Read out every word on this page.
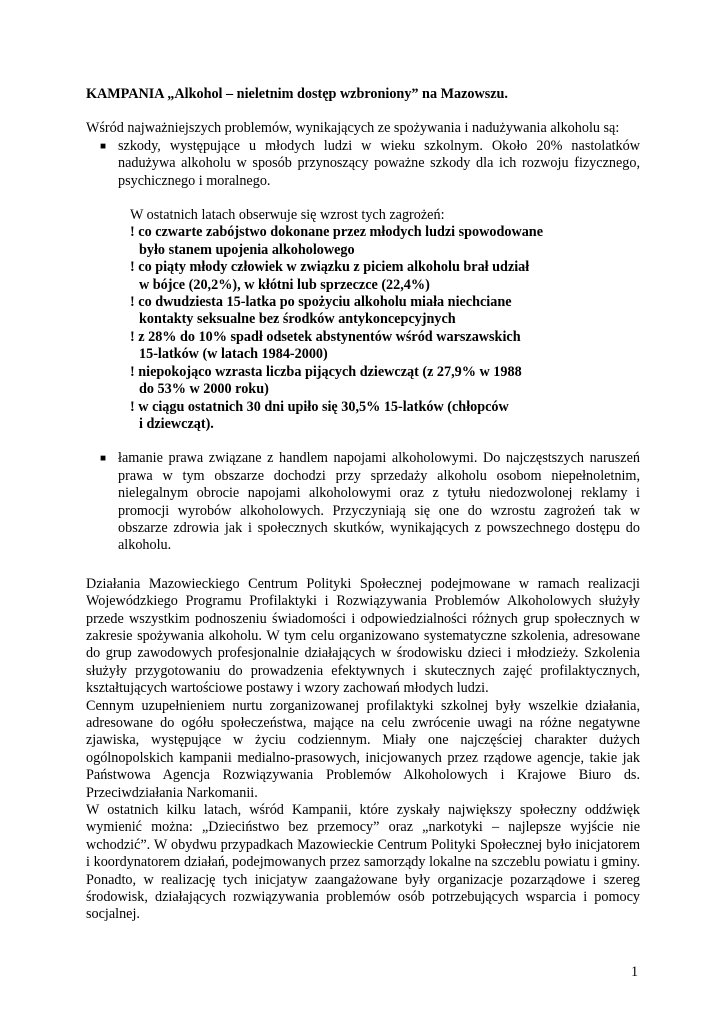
KAMPANIA „Alkohol – nieletnim dostęp wzbroniony” na Mazowszu.

Wśród najważniejszych problemów, wynikających ze spożywania i nadużywania alkoholu są:

■ szkody, występujące u młodych ludzi w wieku szkolnym. Około 20% nastolatków nadużywa alkoholu w sposób przynoszący poważne szkody dla ich rozwoju fizycznego, psychicznego i moralnego.

W ostatnich latach obserwuje się wzrost tych zagrożeń:

! co czwarte zabójstwo dokonane przez młodych ludzi spowodowane
było stanem upojenia alkoholowego
! co piąty młody człowiek w związku z piciem alkoholu brał udział
w bójce (20,2%), w kłótni lub sprzeczce (22,4%)
! co dwudziesta 15-latka po spożyciu alkoholu miała niechciane
kontakty seksualne bez środków antykoncepcyjnych
! z 28% do 10% spadł odsetek abstynentów wśród warszawskich
15-latków (w latach 1984-2000)
! niepokojąco wzrasta liczba pijących dziewcząt (z 27,9% w 1988
do 53% w 2000 roku)
! w ciągu ostatnich 30 dni upiło się 30,5% 15-latków (chłopców
i dziewcząt).
■ łamanie prawa związane z handlem napojami alkoholowymi. Do najczęstszych naruszeń prawa w tym obszarze dochodzi przy sprzedaży alkoholu osobom niepełnoletnim, nielegalnym obrocie napojami alkoholowymi oraz z tytułu niedozwolonej reklamy i promocji wyrobów alkoholowych. Przyczyniają się one do wzrostu zagrożeń tak w obszarze zdrowia jak i społecznych skutków, wynikających z powszechnego dostępu do alkoholu.

Działania Mazowieckiego Centrum Polityki Społecznej podejmowane w ramach realizacji Wojewódzkiego Programu Profilaktyki i Rozwiązywania Problemów Alkoholowych służyły przede wszystkim podnoszeniu świadomości i odpowiedzialności różnych grup społecznych w zakresie spożywania alkoholu. W tym celu organizowano systematyczne szkolenia, adresowane do grup zawodowych profesjonalnie działających w środowisku dzieci i młodzieży. Szkolenia służyły przygotowaniu do prowadzenia efektywnych i skutecznych zajęć profilaktycznych, kształtujących wartościowe postawy i wzory zachowań młodych ludzi.

Cennym uzupełnieniem nurtu zorganizowanej profilaktyki szkolnej były wszelkie działania, adresowane do ogółu społeczeństwa, mające na celu zwrócenie uwagi na różne negatywne zjawiska, występujące w życiu codziennym. Miały one najczęściej charakter dużych ogólnopolskich kampanii medialno-prasowych, inicjowanych przez rządowe agencje, takie jak Państwowa Agencja Rozwiązywania Problemów Alkoholowych i Krajowe Biuro ds. Przeciwdziałania Narkomanii.

W ostatnich kilku latach, wśród Kampanii, które zyskały największy społeczny oddźwięk wymienić można: „Dzieciństwo bez przemocy” oraz „narkotyki – najlepsze wyjście nie wchodzić”. W obydwu przypadkach Mazowieckie Centrum Polityki Społecznej było inicjatorem i koordynatorem działań, podejmowanych przez samorządy lokalne na szczeblu powiatu i gminy. Ponadto, w realizację tych inicjatyw zaangażowane były organizacje pozarządowe i szereg środowisk, działających rozwiązywania problemów osób potrzebujących wsparcia i pomocy socjalnej.

1
